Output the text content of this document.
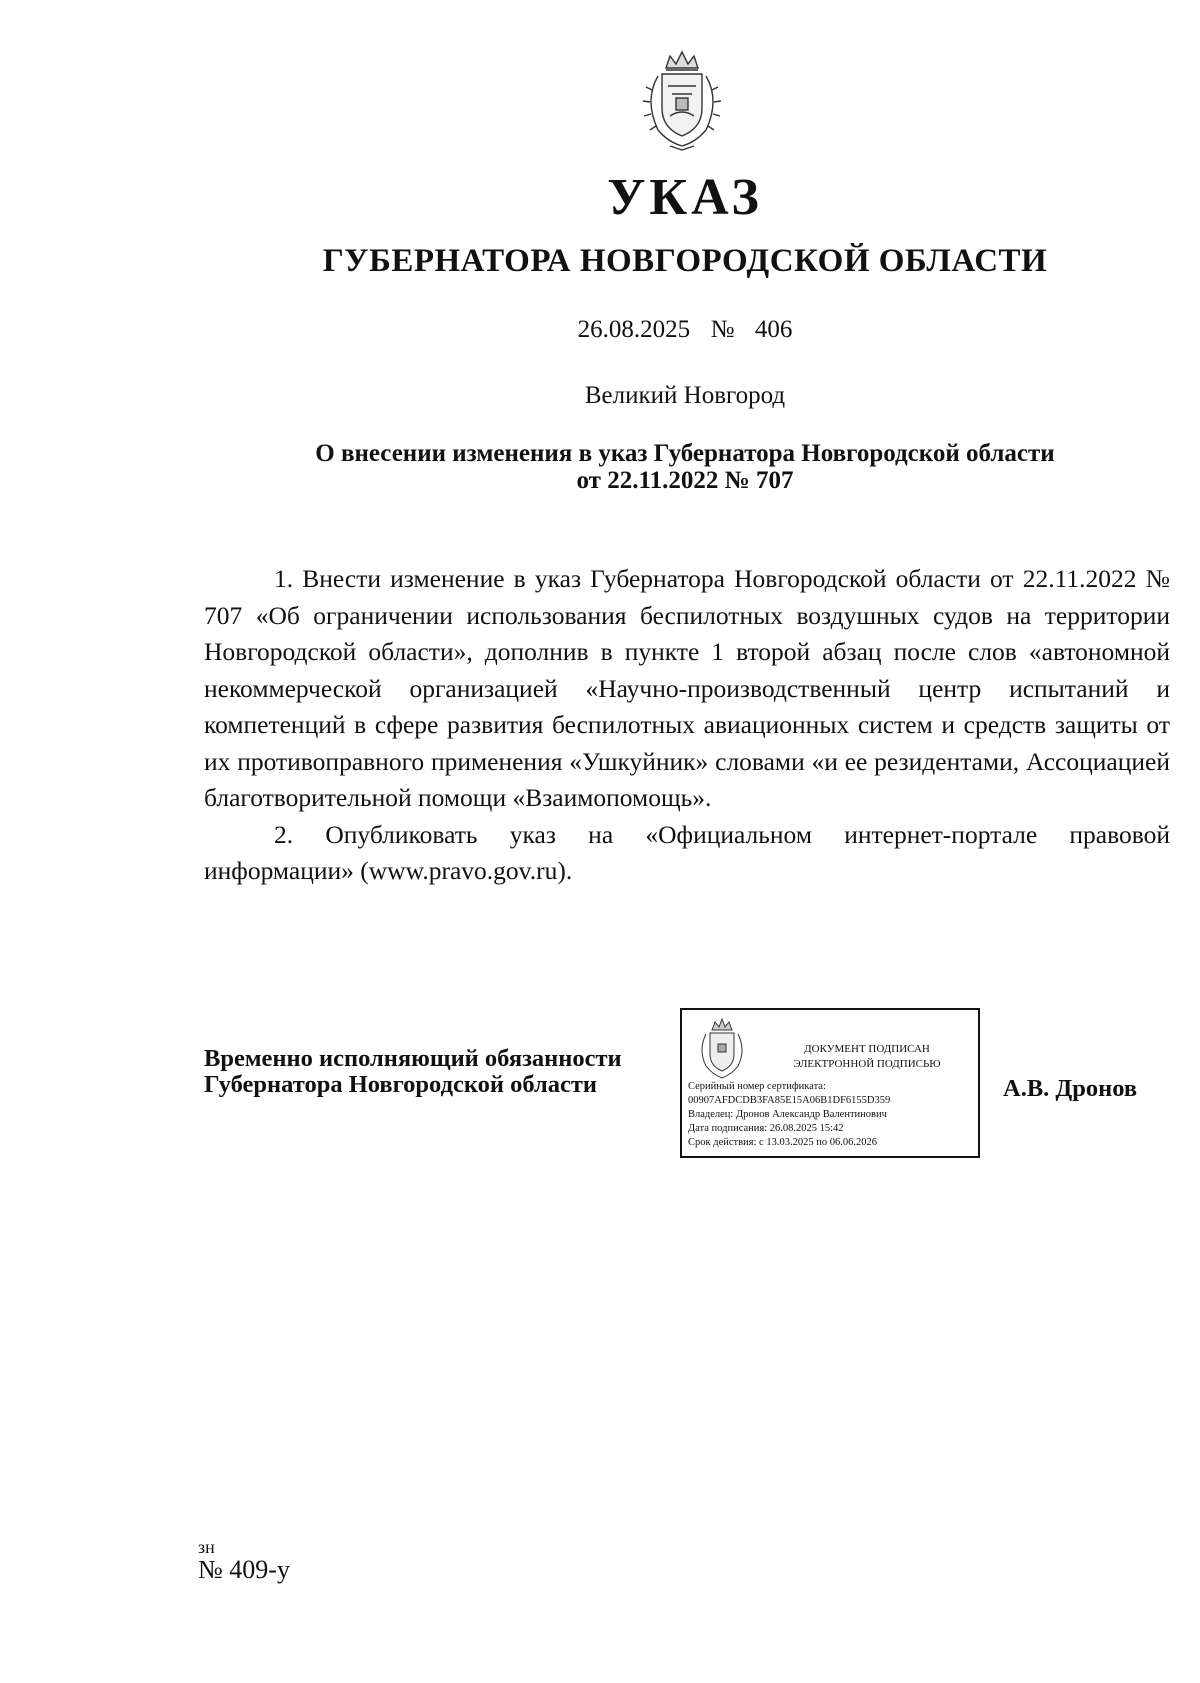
УКАЗ
ГУБЕРНАТОРА НОВГОРОДСКОЙ ОБЛАСТИ
26.08.2025  №  406
Великий Новгород
О внесении изменения в указ Губернатора Новгородской области
от 22.11.2022 № 707

1. Внести изменение в указ Губернатора Новгородской области от 22.11.2022 № 707 «Об ограничении использования беспилотных воздушных судов на территории Новгородской области», дополнив в пункте 1 второй абзац после слов «автономной некоммерческой организацией «Научно-производственный центр испытаний и компетенций в сфере развития беспилотных авиационных систем и средств защиты от их противоправного применения «Ушкуйник» словами «и ее резидентами, Ассоциацией благотворительной помощи «Взаимопомощь».

2. Опубликовать указ на «Официальном интернет-портале правовой информации» (www.pravo.gov.ru).

Временно исполняющий обязанности
Губернатора Новгородской области
ДОКУМЕНТ ПОДПИСАН
ЭЛЕКТРОННОЙ ПОДПИСЬЮ
Серийный номер сертификата:
00907AFDCDB3FA85E15A06B1DF6155D359
Владелец: Дронов Александр Валентинович
Дата подписания: 26.08.2025 15:42
Срок действия: с 13.03.2025 по 06.06.2026
А.В. Дронов
зн
№ 409-у
